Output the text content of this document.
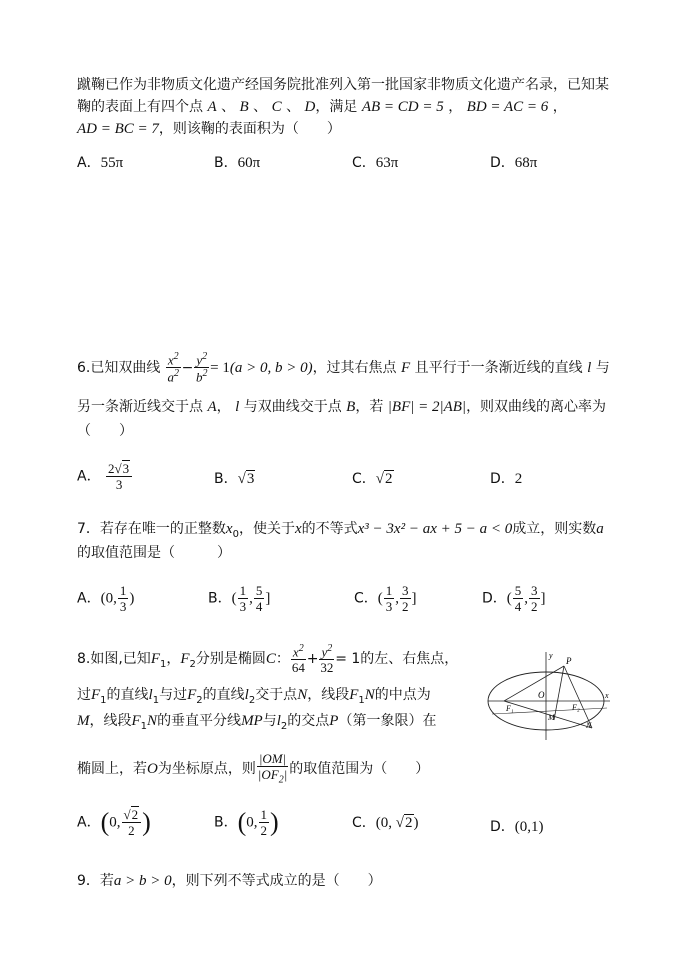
蹴鞠已作为非物质文化遗产经国务院批准列入第一批国家非物质文化遗产名录，已知某
鞠的表面上有四个点 A 、 B 、 C 、 D，满足 AB = CD = 5 ， BD = AC = 6 ，
AD = BC = 7，则该鞠的表面积为（　　）
A．55π	B．60π	C．63π	D．68π
6.已知双曲线 $\frac{x^2}{a^2} - \frac{y^2}{b^2} = 1(a > 0$, b > 0)，过其右焦点 F 且平行于一条渐近线的直线 l 与
另一条渐近线交于点 A， l 与双曲线交于点 B，若 |BF| = 2|AB|，则双曲线的离心率为
（　　）
A． $\frac{2√3}{3}$	B．√3	C．√2	D．2
7．若存在唯一的正整数$x_0$，使关于x的不等式x³ − 3x² − ax + 5 − a < 0成立，则实数a
的取值范围是（　　　）
A．(0, $\frac{1}{3}$ )	B．( $\frac{1}{3}$ , $\frac{5}{4}$ ]	C．( $\frac{1}{3}$ , $\frac{3}{2}$ ]	D．( $\frac{5}{4}$ , $\frac{3}{2}$ ]
8.如图,已知$F_1$，$F_2$分别是椭圆C： $\frac{x^2}{64} + \frac{y^2}{32} = 1$的左、右焦点，
过$F_1$的直线$l_1$与过$F_2$的直线$l_2$交于点N，线段$F_1N$的中点为
M，线段$F_1N$的垂直平分线MP与$l_2$的交点P（第一象限）在
椭圆上，若O为坐标原点，则 $\frac{|OM|}{|OF_2|}$ 的取值范围为（　　）
y
x
P
O
F₁	F₂
M
N
A．(0, $\frac{√2}{2}$ )	B．(0, $\frac{1}{2}$ )	C．(0, √2)	D．(0,1)
9．若a > b > 0，则下列不等式成立的是（　　）
